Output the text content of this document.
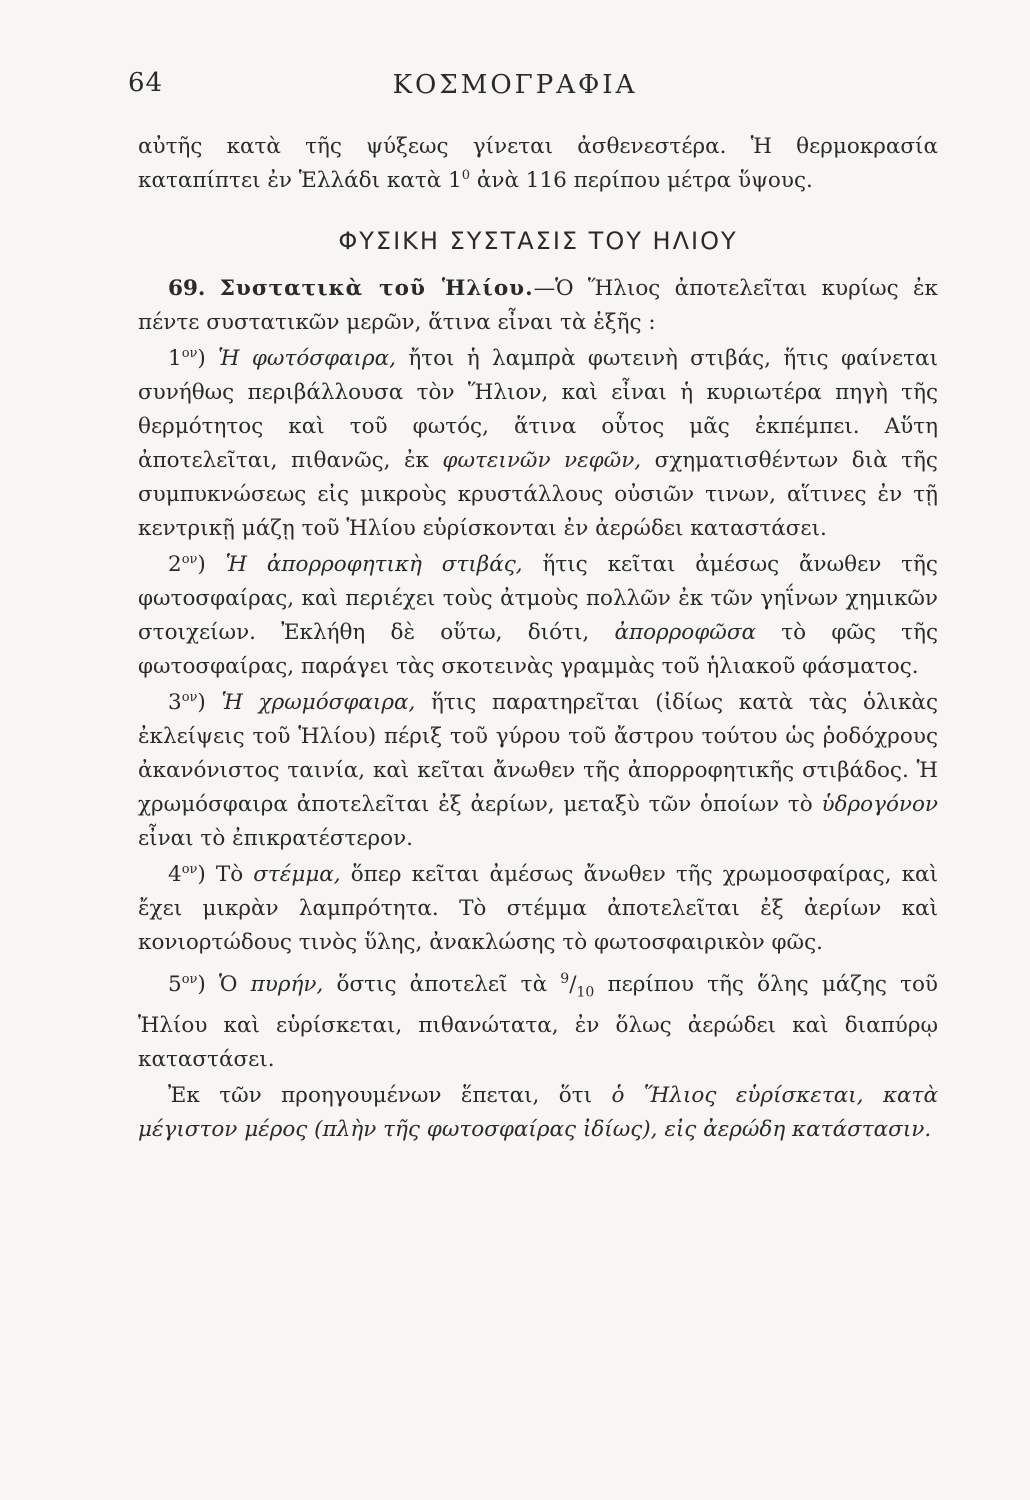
64	ΚΟΣΜΟΓΡΑΦΙΑ

αὐτῆς κατὰ τῆς ψύξεως γίνεται ἀσθενεστέρα. Ἡ θερμοκρασία καταπίπτει ἐν Ἑλλάδι κατὰ $1^0$ ἀνὰ 116 περίπου μέτρα ὕψους.

ΦΥΣΙΚΗ ΣΥΣΤΑΣΙΣ ΤΟΥ ΗΛΙΟΥ

69. Συστατικὰ τοῦ Ἡλίου.—Ὁ Ἥλιος ἀποτελεῖται κυρίως ἐκ πέντε συστατικῶν μερῶν, ἅτινα εἶναι τὰ ἑξῆς :

$1^{o\nu}$) Ἡ φωτόσφαιρα, ἤτοι ἡ λαμπρὰ φωτεινὴ στιβάς, ἥτις φαίνεται συνήθως περιβάλλουσα τὸν Ἥλιον, καὶ εἶναι ἡ κυριωτέρα πηγὴ τῆς θερμότητος καὶ τοῦ φωτός, ἅτινα οὗτος μᾶς ἐκπέμπει. Αὕτη ἀποτελεῖται, πιθανῶς, ἐκ φωτεινῶν νεφῶν, σχηματισθέντων διὰ τῆς συμπυκνώσεως εἰς μικροὺς κρυστάλλους οὐσιῶν τινων, αἵτινες ἐν τῇ κεντρικῇ μάζῃ τοῦ Ἡλίου εὑρίσκονται ἐν ἀερώδει καταστάσει.

$2^{o\nu}$) Ἡ ἀπορροφητικὴ στιβάς, ἥτις κεῖται ἀμέσως ἄνωθεν τῆς φωτοσφαίρας, καὶ περιέχει τοὺς ἀτμοὺς πολλῶν ἐκ τῶν γηΐνων χημικῶν στοιχείων. Ἐκλήθη δὲ οὕτω, διότι, ἀπορροφῶσα τὸ φῶς τῆς φωτοσφαίρας, παράγει τὰς σκοτεινὰς γραμμὰς τοῦ ἡλιακοῦ φάσματος.

$3^{o\nu}$) Ἡ χρωμόσφαιρα, ἥτις παρατηρεῖται (ἰδίως κατὰ τὰς ὁλικὰς ἐκλείψεις τοῦ Ἡλίου) πέριξ τοῦ γύρου τοῦ ἄστρου τούτου ὡς ῥοδόχρους ἀκανόνιστος ταινία, καὶ κεῖται ἄνωθεν τῆς ἀπορροφητικῆς στιβάδος. Ἡ χρωμόσφαιρα ἀποτελεῖται ἐξ ἀερίων, μεταξὺ τῶν ὁποίων τὸ ὑδρογόνον εἶναι τὸ ἐπικρατέστερον.

$4^{o\nu}$) Τὸ στέμμα, ὅπερ κεῖται ἀμέσως ἄνωθεν τῆς χρωμοσφαίρας, καὶ ἔχει μικρὰν λαμπρότητα. Τὸ στέμμα ἀποτελεῖται ἐξ ἀερίων καὶ κονιορτώδους τινὸς ὕλης, ἀνακλώσης τὸ φωτοσφαιρικὸν φῶς.

$5^{o\nu}$) Ὁ πυρήν, ὅστις ἀποτελεῖ τὰ $^9/_{10}$ περίπου τῆς ὅλης μάζης τοῦ Ἡλίου καὶ εὑρίσκεται, πιθανώτατα, ἐν ὅλως ἀερώδει καὶ διαπύρῳ καταστάσει.

Ἐκ τῶν προηγουμένων ἕπεται, ὅτι ὁ Ἥλιος εὑρίσκεται, κατὰ μέγιστον μέρος (πλὴν τῆς φωτοσφαίρας ἰδίως), εἰς ἀερώδη κατάστασιν.
